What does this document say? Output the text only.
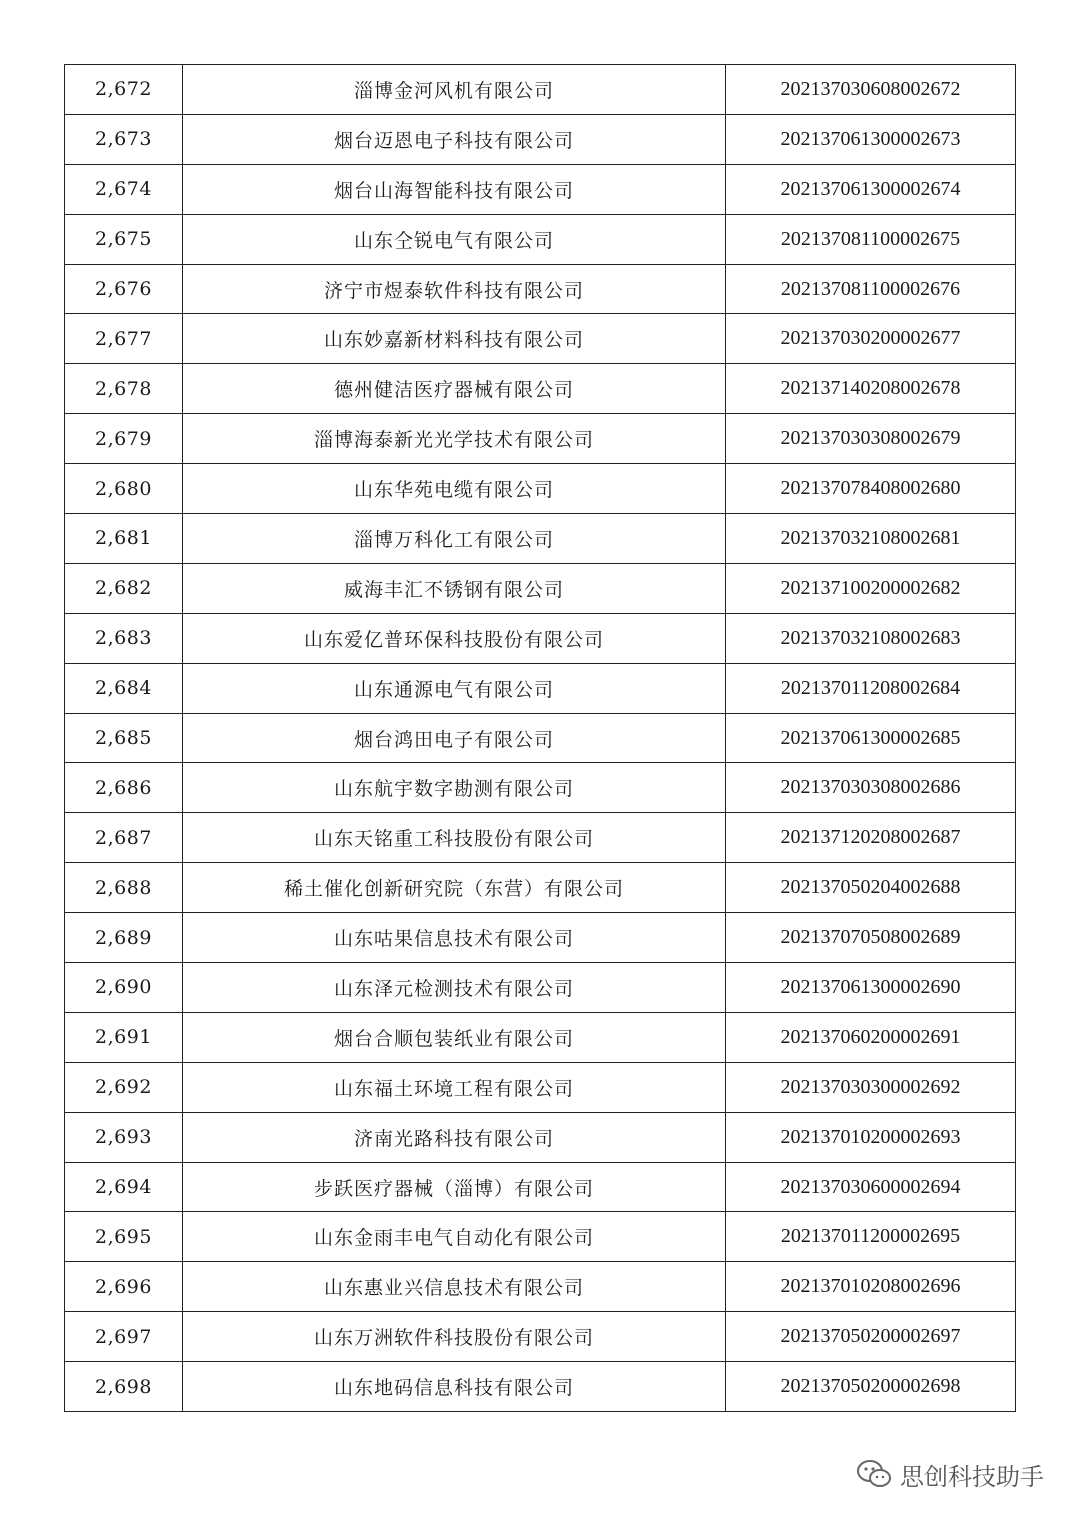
2,672	淄博金河风机有限公司	202137030608002672
2,673	烟台迈恩电子科技有限公司	202137061300002673
2,674	烟台山海智能科技有限公司	202137061300002674
2,675	山东仝锐电气有限公司	202137081100002675
2,676	济宁市煜泰软件科技有限公司	202137081100002676
2,677	山东妙嘉新材料科技有限公司	202137030200002677
2,678	德州健洁医疗器械有限公司	202137140208002678
2,679	淄博海泰新光光学技术有限公司	202137030308002679
2,680	山东华苑电缆有限公司	202137078408002680
2,681	淄博万科化工有限公司	202137032108002681
2,682	威海丰汇不锈钢有限公司	202137100200002682
2,683	山东爱亿普环保科技股份有限公司	202137032108002683
2,684	山东通源电气有限公司	202137011208002684
2,685	烟台鸿田电子有限公司	202137061300002685
2,686	山东航宇数字勘测有限公司	202137030308002686
2,687	山东天铭重工科技股份有限公司	202137120208002687
2,688	稀土催化创新研究院（东营）有限公司	202137050204002688
2,689	山东咕果信息技术有限公司	202137070508002689
2,690	山东泽元检测技术有限公司	202137061300002690
2,691	烟台合顺包装纸业有限公司	202137060200002691
2,692	山东福土环境工程有限公司	202137030300002692
2,693	济南光路科技有限公司	202137010200002693
2,694	步跃医疗器械（淄博）有限公司	202137030600002694
2,695	山东金雨丰电气自动化有限公司	202137011200002695
2,696	山东惠业兴信息技术有限公司	202137010208002696
2,697	山东万洲软件科技股份有限公司	202137050200002697
2,698	山东地码信息科技有限公司	202137050200002698
思创科技助手
